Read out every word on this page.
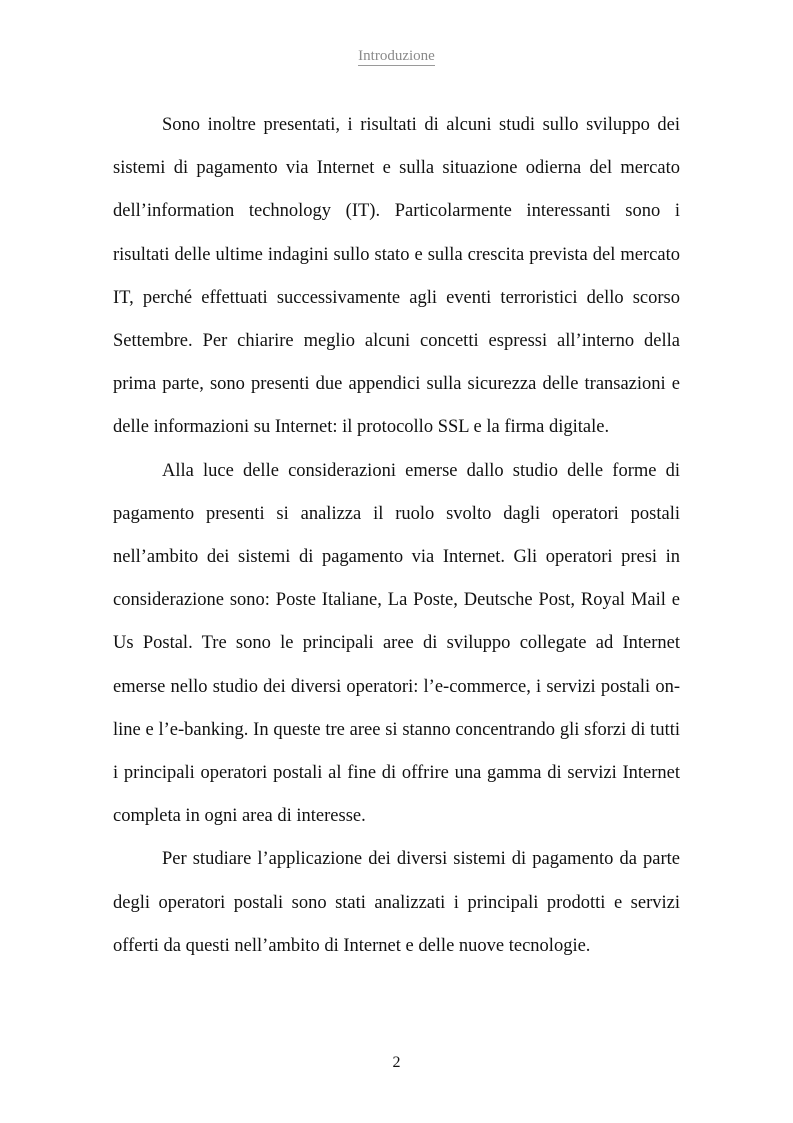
Introduzione

Sono inoltre presentati, i risultati di alcuni studi sullo sviluppo dei sistemi di pagamento via Internet e sulla situazione odierna del mercato dell’information technology (IT). Particolarmente interessanti sono i risultati delle ultime indagini sullo stato e sulla crescita prevista del mercato IT, perché effettuati successivamente agli eventi terroristici dello scorso Settembre. Per chiarire meglio alcuni concetti espressi all’interno della prima parte, sono presenti due appendici sulla sicurezza delle transazioni e delle informazioni su Internet: il protocollo SSL e la firma digitale.

Alla luce delle considerazioni emerse dallo studio delle forme di pagamento presenti si analizza il ruolo svolto dagli operatori postali nell’ambito dei sistemi di pagamento via Internet. Gli operatori presi in considerazione sono: Poste Italiane, La Poste, Deutsche Post, Royal Mail e Us Postal. Tre sono le principali aree di sviluppo collegate ad Internet emerse nello studio dei diversi operatori: l’e-commerce, i servizi postali on-line e l’e-banking. In queste tre aree si stanno concentrando gli sforzi di tutti i principali operatori postali al fine di offrire una gamma di servizi Internet completa in ogni area di interesse.

Per studiare l’applicazione dei diversi sistemi di pagamento da parte degli operatori postali sono stati analizzati i principali prodotti e servizi offerti da questi nell’ambito di Internet e delle nuove tecnologie.

2
